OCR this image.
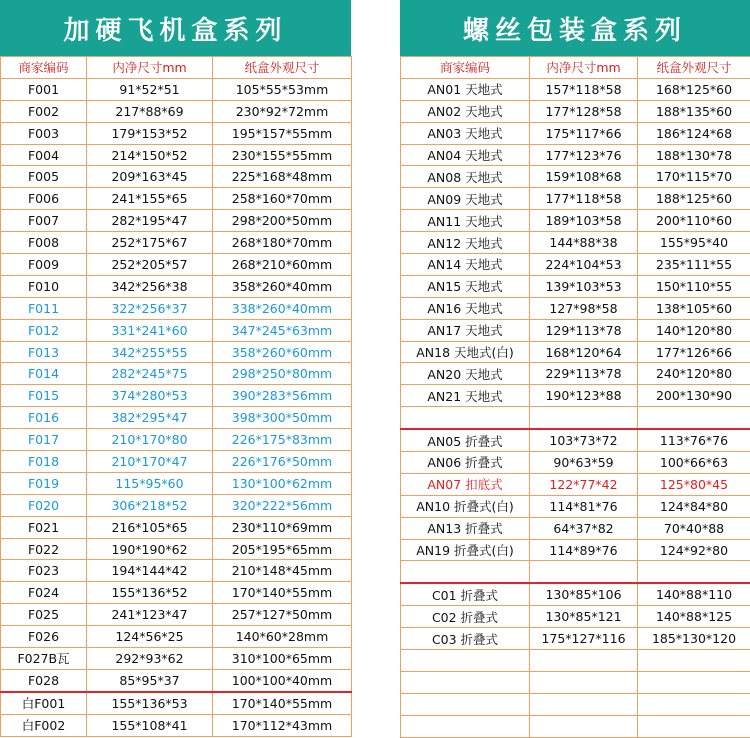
加硬飞机盒系列
商家编码	内净尺寸mm	纸盒外观尺寸
F001	91*52*51	105*55*53mm
F002	217*88*69	230*92*72mm
F003	179*153*52	195*157*55mm
F004	214*150*52	230*155*55mm
F005	209*163*45	225*168*48mm
F006	241*155*65	258*160*70mm
F007	282*195*47	298*200*50mm
F008	252*175*67	268*180*70mm
F009	252*205*57	268*210*60mm
F010	342*256*38	358*260*40mm
F011	322*256*37	338*260*40mm
F012	331*241*60	347*245*63mm
F013	342*255*55	358*260*60mm
F014	282*245*75	298*250*80mm
F015	374*280*53	390*283*56mm
F016	382*295*47	398*300*50mm
F017	210*170*80	226*175*83mm
F018	210*170*47	226*176*50mm
F019	115*95*60	130*100*62mm
F020	306*218*52	320*222*56mm
F021	216*105*65	230*110*69mm
F022	190*190*62	205*195*65mm
F023	194*144*42	210*148*45mm
F024	155*136*52	170*140*55mm
F025	241*123*47	257*127*50mm
F026	124*56*25	140*60*28mm
F027B瓦	292*93*62	310*100*65mm
F028	85*95*37	100*100*40mm
白F001	155*136*53	170*140*55mm
白F002	155*108*41	170*112*43mm
螺丝包装盒系列
商家编码	内净尺寸mm	纸盒外观尺寸
AN01 天地式	157*118*58	168*125*60
AN02 天地式	177*128*58	188*135*60
AN03 天地式	175*117*66	186*124*68
AN04 天地式	177*123*76	188*130*78
AN08 天地式	159*108*68	170*115*70
AN09 天地式	177*118*58	188*125*60
AN11 天地式	189*103*58	200*110*60
AN12 天地式	144*88*38	155*95*40
AN14 天地式	224*104*53	235*111*55
AN15 天地式	139*103*53	150*110*55
AN16 天地式	127*98*58	138*105*60
AN17 天地式	129*113*78	140*120*80
AN18 天地式(白)	168*120*64	177*126*66
AN20 天地式	229*113*78	240*120*80
AN21 天地式	190*123*88	200*130*90

AN05 折叠式	103*73*72	113*76*76
AN06 折叠式	90*63*59	100*66*63
AN07 扣底式	122*77*42	125*80*45
AN10 折叠式(白)	114*81*76	124*84*80
AN13 折叠式	64*37*82	70*40*88
AN19 折叠式(白)	114*89*76	124*92*80

C01 折叠式	130*85*106	140*88*110
C02 折叠式	130*85*121	140*88*125
C03 折叠式	175*127*116	185*130*120
